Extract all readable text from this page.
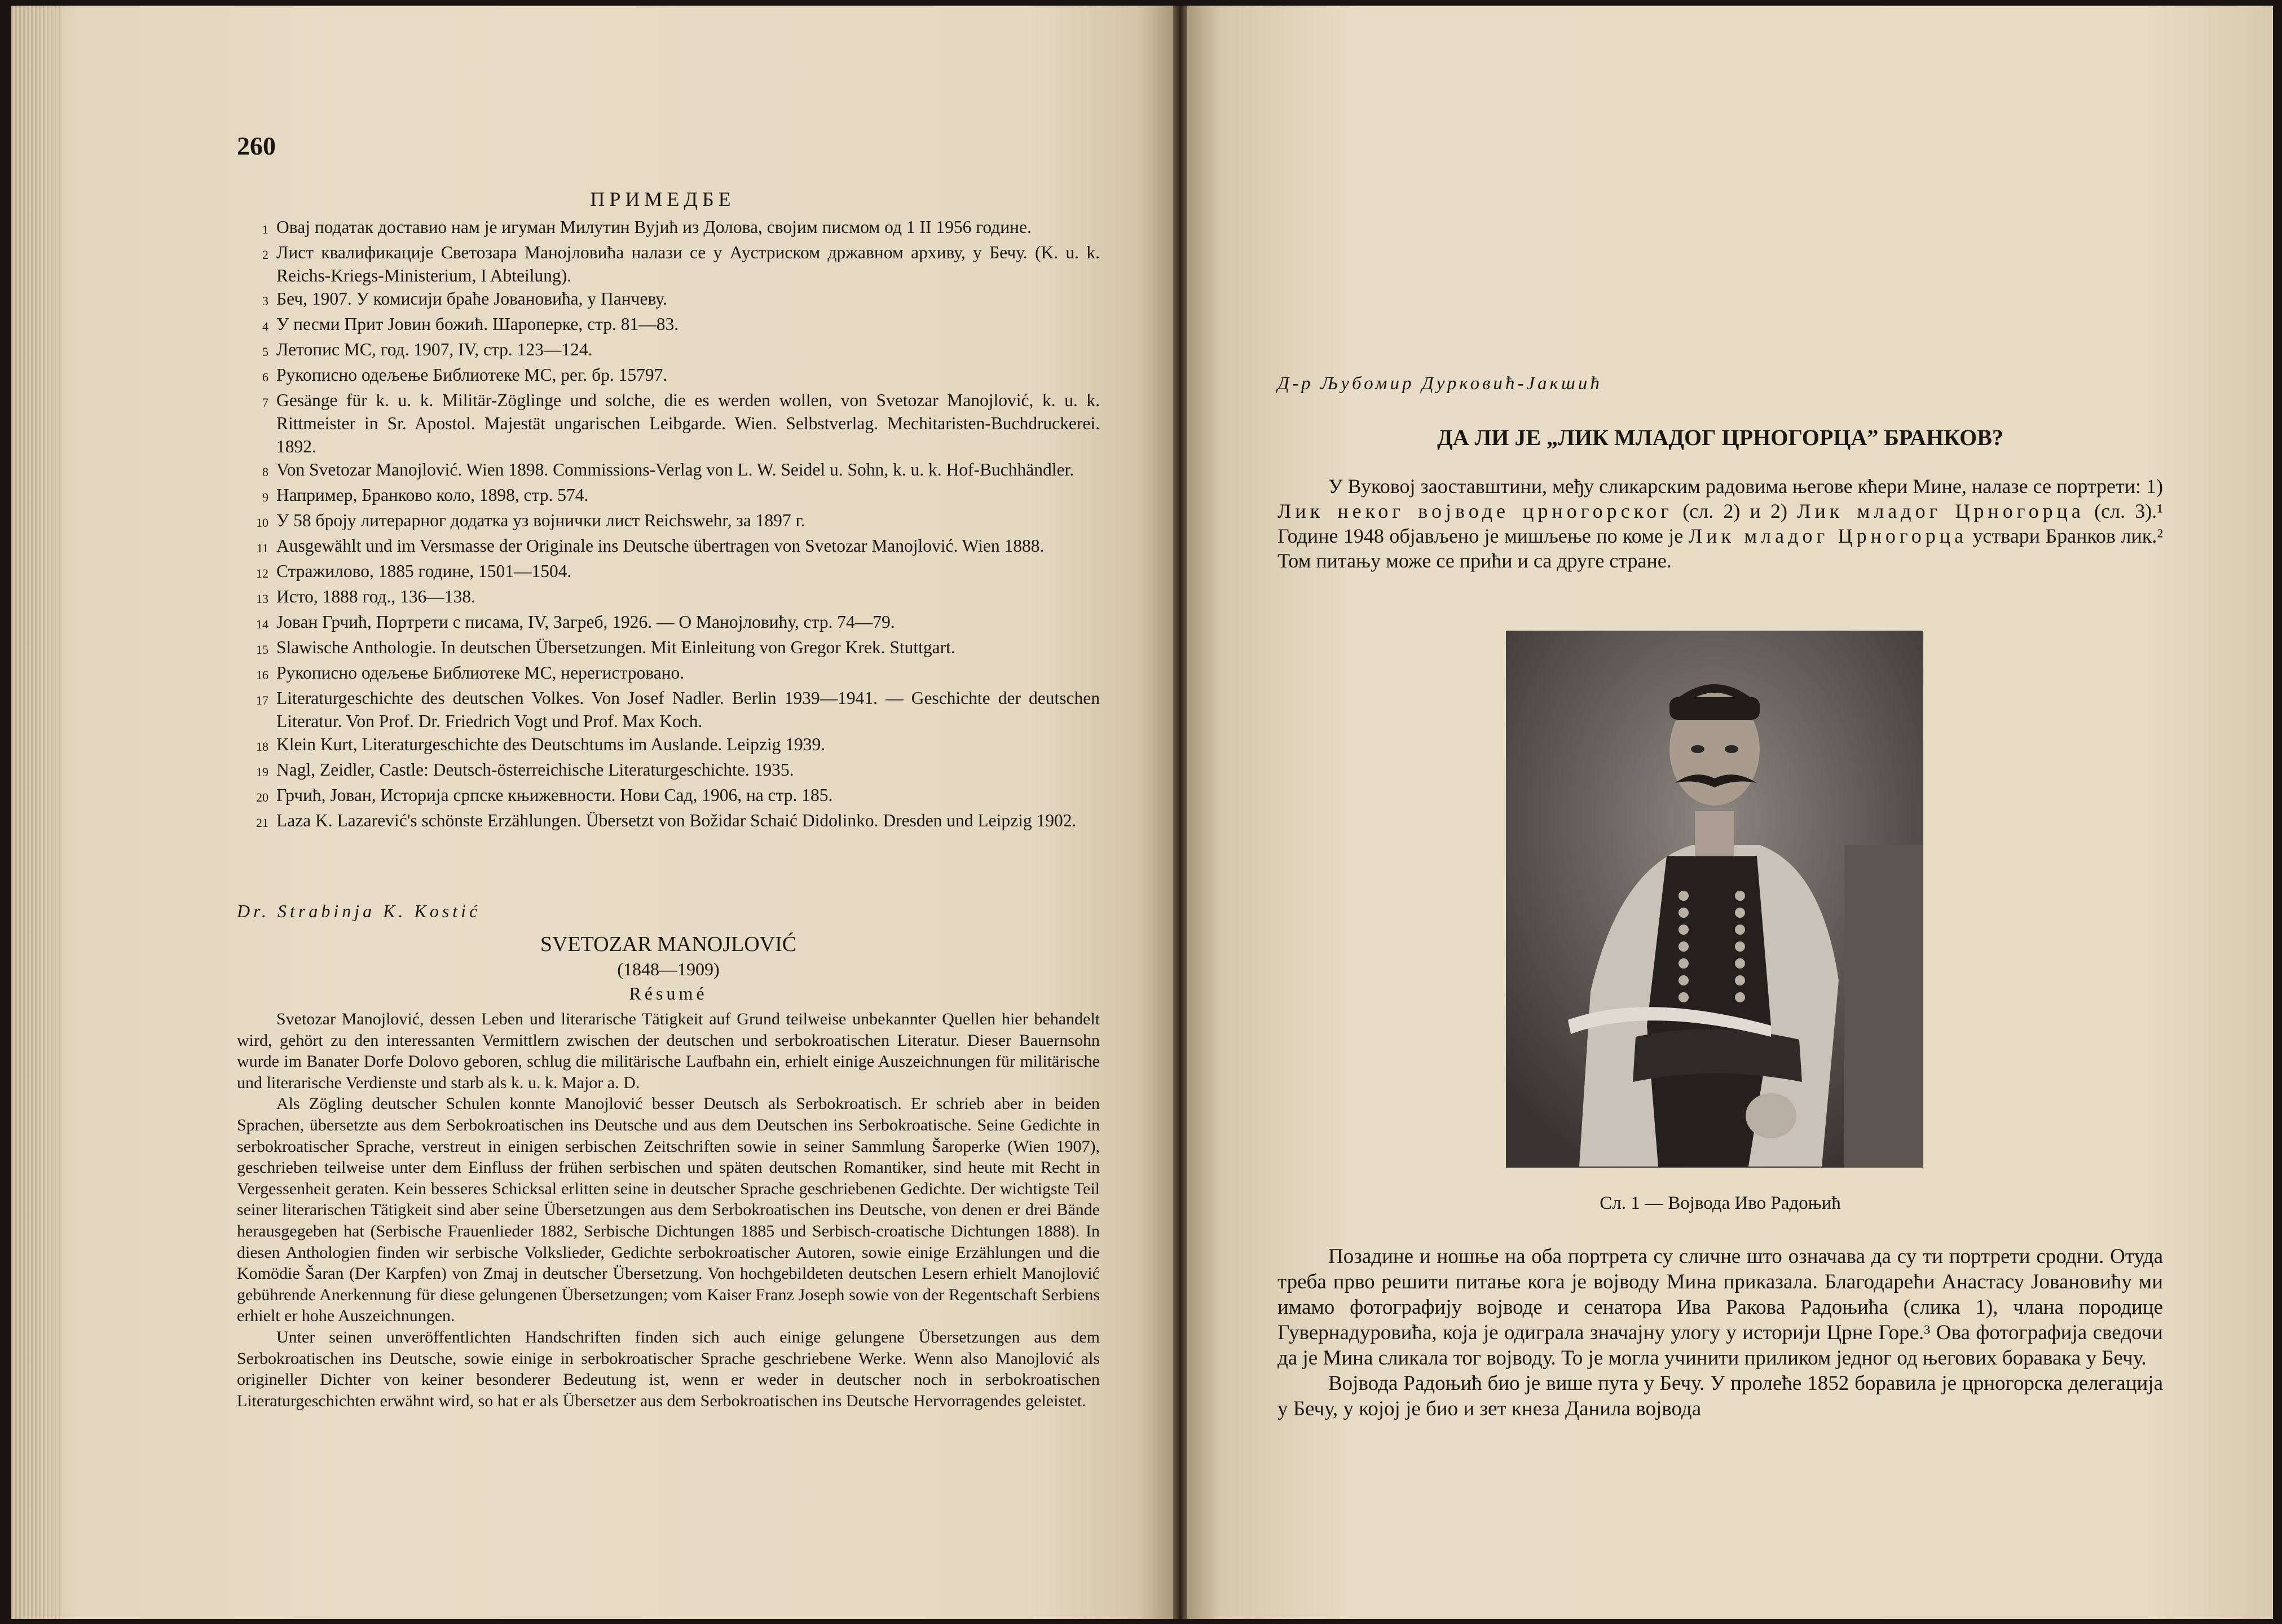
260
ПРИМЕДБЕ
1 Овај податак доставио нам је игуман Милутин Вујић из Долова, својим писмом од 1 II 1956 године.
2 Лист квалификације Светозара Манојловића налази се у Аустриском државном архиву, у Бечу. (K. u. k. Reichs-Kriegs-Ministerium, I Abteilung).
3 Беч, 1907. У комисији браће Јовановића, у Панчеву.
4 У песми Прит Јовин божић. Шароперке, стр. 81—83.
5 Летопис МС, год. 1907, IV, стр. 123—124.
6 Рукописно одељење Библиотеке МС, рег. бр. 15797.
7 Gesänge für k. u. k. Militär-Zöglinge und solche, die es werden wollen, von Svetozar Manojlović, k. u. k. Rittmeister in Sr. Apostol. Majestät ungarischen Leibgarde. Wien. Selbstverlag. Mechitaristen-Buchdruckerei. 1892.
8 Von Svetozar Manojlović. Wien 1898. Commissions-Verlag von L. W. Seidel u. Sohn, k. u. k. Hof-Buchhändler.
9 Например, Бранково коло, 1898, стр. 574.
10 У 58 броју литерарног додатка уз војнички лист Reichswehr, за 1897 г.
11 Ausgewählt und im Versmasse der Originale ins Deutsche übertragen von Svetozar Manojlović. Wien 1888.
12 Стражилово, 1885 године, 1501—1504.
13 Исто, 1888 год., 136—138.
14 Јован Грчић, Портрети с писама, IV, Загреб, 1926. — О Манојловићу, стр. 74—79.
15 Slawische Anthologie. In deutschen Übersetzungen. Mit Einleitung von Gregor Krek. Stuttgart.
16 Рукописно одељење Библиотеке МС, нерегистровано.
17 Literaturgeschichte des deutschen Volkes. Von Josef Nadler. Berlin 1939—1941. — Geschichte der deutschen Literatur. Von Prof. Dr. Friedrich Vogt und Prof. Max Koch.
18 Klein Kurt, Literaturgeschichte des Deutschtums im Auslande. Leipzig 1939.
19 Nagl, Zeidler, Castle: Deutsch-österreichische Literaturgeschichte. 1935.
20 Грчић, Јован, Историја српске књижевности. Нови Сад, 1906, на стр. 185.
21 Laza K. Lazarević's schönste Erzählungen. Übersetzt von Božidar Schaić Didolinko. Dresden und Leipzig 1902.
Dr. Strabinja K. Kostić
SVETOZAR MANOJLOVIĆ
(1848—1909)
Résumé

Svetozar Manojlović, dessen Leben und literarische Tätigkeit auf Grund teilweise unbekannter Quellen hier behandelt wird, gehört zu den interessanten Vermittlern zwischen der deutschen und serbokroatischen Literatur. Dieser Bauernsohn wurde im Banater Dorfe Dolovo geboren, schlug die militärische Laufbahn ein, erhielt einige Auszeichnungen für militärische und literarische Verdienste und starb als k. u. k. Major a. D.

Als Zögling deutscher Schulen konnte Manojlović besser Deutsch als Serbokroatisch. Er schrieb aber in beiden Sprachen, übersetzte aus dem Serbokroatischen ins Deutsche und aus dem Deutschen ins Serbokroatische. Seine Gedichte in serbokroatischer Sprache, verstreut in einigen serbischen Zeitschriften sowie in seiner Sammlung Šaroperke (Wien 1907), geschrieben teilweise unter dem Einfluss der frühen serbischen und späten deutschen Romantiker, sind heute mit Recht in Vergessenheit geraten. Kein besseres Schicksal erlitten seine in deutscher Sprache geschriebenen Gedichte. Der wichtigste Teil seiner literarischen Tätigkeit sind aber seine Übersetzungen aus dem Serbokroatischen ins Deutsche, von denen er drei Bände herausgegeben hat (Serbische Frauenlieder 1882, Serbische Dichtungen 1885 und Serbisch-croatische Dichtungen 1888). In diesen Anthologien finden wir serbische Volkslieder, Gedichte serbokroatischer Autoren, sowie einige Erzählungen und die Komödie Šaran (Der Karpfen) von Zmaj in deutscher Übersetzung. Von hochgebildeten deutschen Lesern erhielt Manojlović gebührende Anerkennung für diese gelungenen Übersetzungen; vom Kaiser Franz Joseph sowie von der Regentschaft Serbiens erhielt er hohe Auszeichnungen.

Unter seinen unveröffentlichten Handschriften finden sich auch einige gelungene Übersetzungen aus dem Serbokroatischen ins Deutsche, sowie einige in serbokroatischer Sprache geschriebene Werke. Wenn also Manojlović als origineller Dichter von keiner besonderer Bedeutung ist, wenn er weder in deutscher noch in serbokroatischen Literaturgeschichten erwähnt wird, so hat er als Übersetzer aus dem Serbokroatischen ins Deutsche Hervorragendes geleistet.

Д-р Љубомир Дурковић-Јакшић
ДА ЛИ ЈЕ „ЛИК МЛАДОГ ЦРНОГОРЦА” БРАНКОВ?

У Вуковој заоставштини, међу сликарским радовима његове кћери Мине, налазе се портрети: 1) Лик неког војводе црногорског (сл. 2) и 2) Лик младог Црногорца (сл. 3).¹ Године 1948 објављено је мишљење по коме је Лик младог Црногорца уствари Бранков лик.² Том питању може се прићи и са друге стране.

Сл. 1 — Војвода Иво Радоњић

Позадине и ношње на оба портрета су сличне што означава да су ти портрети сродни. Отуда треба прво решити питање кога је војводу Мина приказала. Благодарећи Анастасу Јовановићу ми имамо фотографију војводе и сенатора Ива Ракова Радоњића (слика 1), члана породице Гувернадуровића, која је одиграла значајну улогу у историји Црне Горе.³ Ова фотографија сведочи да је Мина сликала тог војводу. То је могла учинити приликом једног од његових боравака у Бечу.

Војвода Радоњић био је више пута у Бечу. У пролеће 1852 боравила је црногорска делегација у Бечу, у којој је био и зет кнеза Данила војвода
